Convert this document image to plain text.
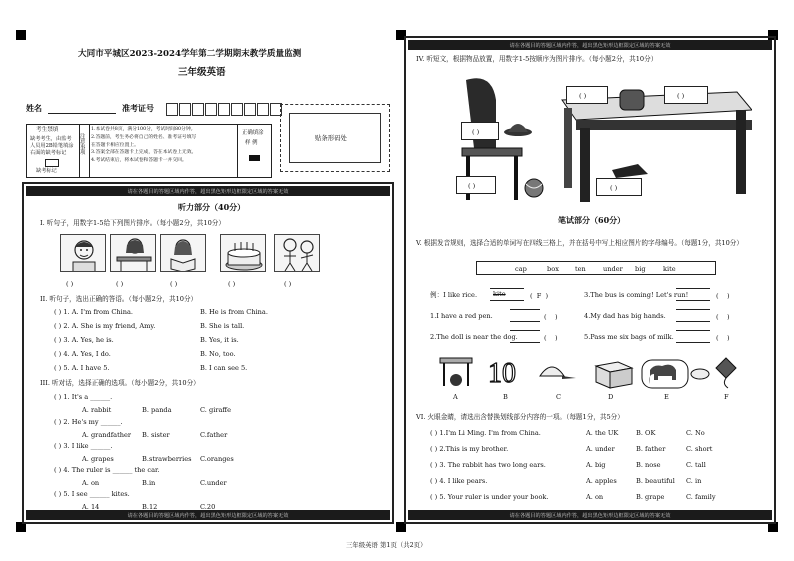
大同市平城区2023-2024学年第二学期期末教学质量监测
三年级英语
姓名	准考证号
考生禁填
缺考考生，由监考
人员用2B铅笔填涂
右面的缺考标记
缺考标记
注意事项
1.本试卷共8页，满分100分，考试时间80分钟。
2.答题前，考生务必将自己的姓名、准考证号填写
在答题卡相应位置上。
3.答案全部在答题卡上完成，答在本试卷上无效。
4.考试结束后，将本试卷和答题卡一并交回。
正确填涂
样 例
贴条形码处
请在各题目的答题区域内作答，超出黑色矩形边框限定区域的答案无效
请在各题目的答题区域内作答，超出黑色矩形边框限定区域的答案无效
听力部分（40分）
I. 听句子，用数字1-5给下列图片排序。（每小题2分，共10分）
( )	( )	( )	( )	( )
II. 听句子，选出正确的答语。（每小题2分，共10分）
( ) 1. A. I'm from China.	B. He is from China.
( ) 2. A. She is my friend, Amy.	B. She is tall.
( ) 3. A. Yes, he is.	B. Yes, it is.
( ) 4. A. Yes, I do.	B. No, too.
( ) 5. A. I have 5.	B. I can see 5.
III. 听对话，选择正确的选项。（每小题2分，共10分）
( ) 1. It's a ______.
A. rabbit	B. panda	C. giraffe
( ) 2. He's my ______.
A. grandfather B. sister	C.father
( ) 3. I like ______.
A. grapes	B.strawberries C.oranges
( ) 4. The ruler is ______ the car.
A. on	B.in	C.under
( ) 5. I see ______ kites.
A. 14	B.12	C.20
请在各题目的答题区域内作答，超出黑色矩形边框限定区域的答案无效
请在各题目的答题区域内作答，超出黑色矩形边框限定区域的答案无效
IV. 听短文，根据物品放置，用数字1-5按顺序为图片排序。（每小题2分，共10分）
( )
( )
( )	( )
( )
笔试部分（60分）
V. 根据发音规则，选择合适的单词写在四线三格上，并在括号中写上相应图片的字母编号。（每题1分，共10分）
cap	box ten	under big	kite
例：I like rice. kite	(  F  )	3.The bus is coming! Let's run!	(    )
1.I have a red pen.	(    )	4.My dad has big hands.	(    )
2.The doll is near the dog.	(    )	5.Pass me six bags of milk.	(    )
10
A	B	C	D	E	F
VI. 火眼金睛，请选出含替换划线部分内容的一项。（每题1分，共5分）
( ) 1.I'm Li Ming. I'm from China.	A. the UK	B. OK	C. No
( ) 2.This is my brother.	A. under	B. father	C. short
( ) 3. The rabbit has two long ears.	A. big	B. nose	C. tall
( ) 4. I like pears.	A. apples	B. beautiful C. in
( ) 5. Your ruler is under your book.	A. on	B. grape	C. family
三年级英语 第1页（共2页）
